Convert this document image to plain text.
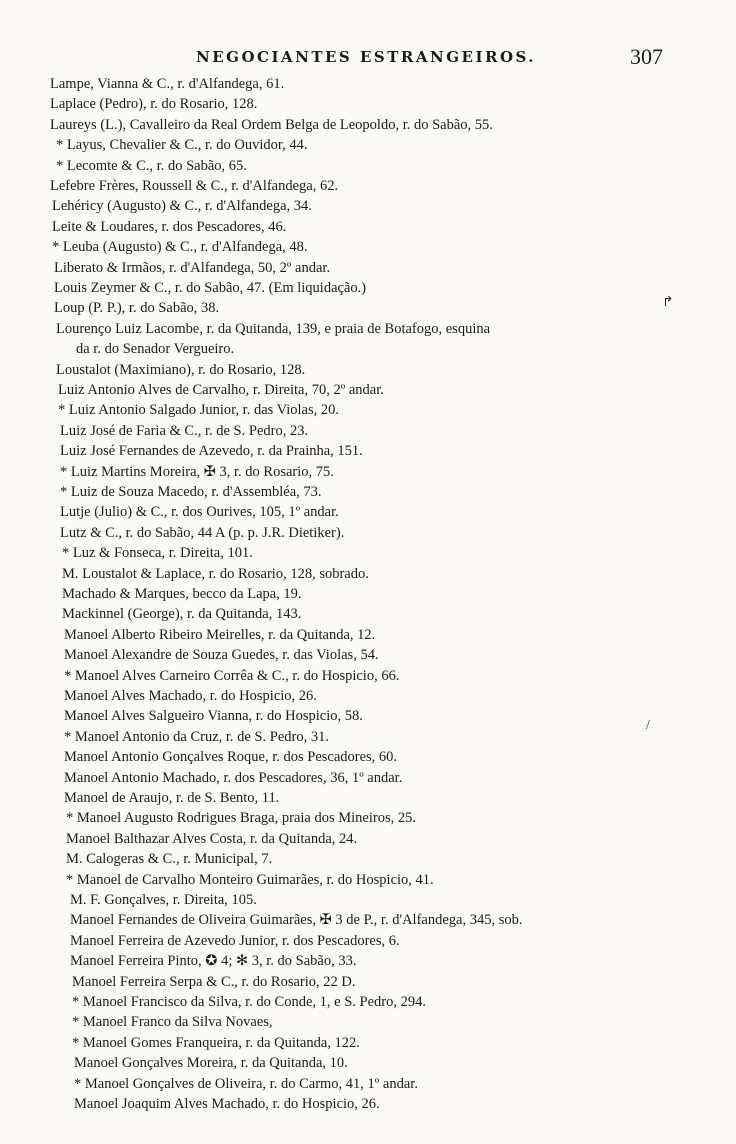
NEGOCIANTES ESTRANGEIROS.	307
Lampe, Vianna & C., r. d'Alfandega, 61.
Laplace (Pedro), r. do Rosario, 128.
Laureys (L.), Cavalleiro da Real Ordem Belga de Leopoldo, r. do Sabão, 55.
* Layus, Chevalier & C., r. do Ouvidor, 44.
* Lecomte & C., r. do Sabão, 65.
Lefebre Frères, Roussell & C., r. d'Alfandega, 62.
Lehéricy (Augusto) & C., r. d'Alfandega, 34.
Leite & Loudares, r. dos Pescadores, 46.
* Leuba (Augusto) & C., r. d'Alfandega, 48.
Liberato & Irmãos, r. d'Alfandega, 50, 2º andar.
Louis Zeymer & C., r. do Sabão, 47. (Em liquidação.)
Loup (P. P.), r. do Sabão, 38.
Lourenço Luiz Lacombe, r. da Quitanda, 139, e praia de Botafogo, esquina
da r. do Senador Vergueiro.
Loustalot (Maximiano), r. do Rosario, 128.
Luiz Antonio Alves de Carvalho, r. Direita, 70, 2º andar.
* Luiz Antonio Salgado Junior, r. das Violas, 20.
Luiz José de Faria & C., r. de S. Pedro, 23.
Luiz José Fernandes de Azevedo, r. da Prainha, 151.
* Luiz Martins Moreira, ✠ 3, r. do Rosario, 75.
* Luiz de Souza Macedo, r. d'Assembléa, 73.
Lutje (Julio) & C., r. dos Ourives, 105, 1º andar.
Lutz & C., r. do Sabão, 44 A (p. p. J.R. Dietiker).
* Luz & Fonseca, r. Direita, 101.
M. Loustalot & Laplace, r. do Rosario, 128, sobrado.
Machado & Marques, becco da Lapa, 19.
Mackinnel (George), r. da Quitanda, 143.
Manoel Alberto Ribeiro Meirelles, r. da Quitanda, 12.
Manoel Alexandre de Souza Guedes, r. das Violas, 54.
* Manoel Alves Carneiro Corrêa & C., r. do Hospicio, 66.
Manoel Alves Machado, r. do Hospicio, 26.
Manoel Alves Salgueiro Vianna, r. do Hospicio, 58.
* Manoel Antonio da Cruz, r. de S. Pedro, 31.
Manoel Antonio Gonçalves Roque, r. dos Pescadores, 60.
Manoel Antonio Machado, r. dos Pescadores, 36, 1º andar.
Manoel de Araujo, r. de S. Bento, 11.
* Manoel Augusto Rodrigues Braga, praia dos Mineiros, 25.
Manoel Balthazar Alves Costa, r. da Quitanda, 24.
M. Calogeras & C., r. Municipal, 7.
* Manoel de Carvalho Monteiro Guimarães, r. do Hospicio, 41.
M. F. Gonçalves, r. Direita, 105.
Manoel Fernandes de Oliveira Guimarães, ✠ 3 de P., r. d'Alfandega, 345, sob.
Manoel Ferreira de Azevedo Junior, r. dos Pescadores, 6.
Manoel Ferreira Pinto, ✪ 4; ✻ 3, r. do Sabão, 33.
Manoel Ferreira Serpa & C., r. do Rosario, 22 D.
* Manoel Francisco da Silva, r. do Conde, 1, e S. Pedro, 294.
* Manoel Franco da Silva Novaes,
* Manoel Gomes Franqueira, r. da Quitanda, 122.
Manoel Gonçalves Moreira, r. da Quitanda, 10.
* Manoel Gonçalves de Oliveira, r. do Carmo, 41, 1º andar.
Manoel Joaquim Alves Machado, r. do Hospicio, 26.
↱
/
